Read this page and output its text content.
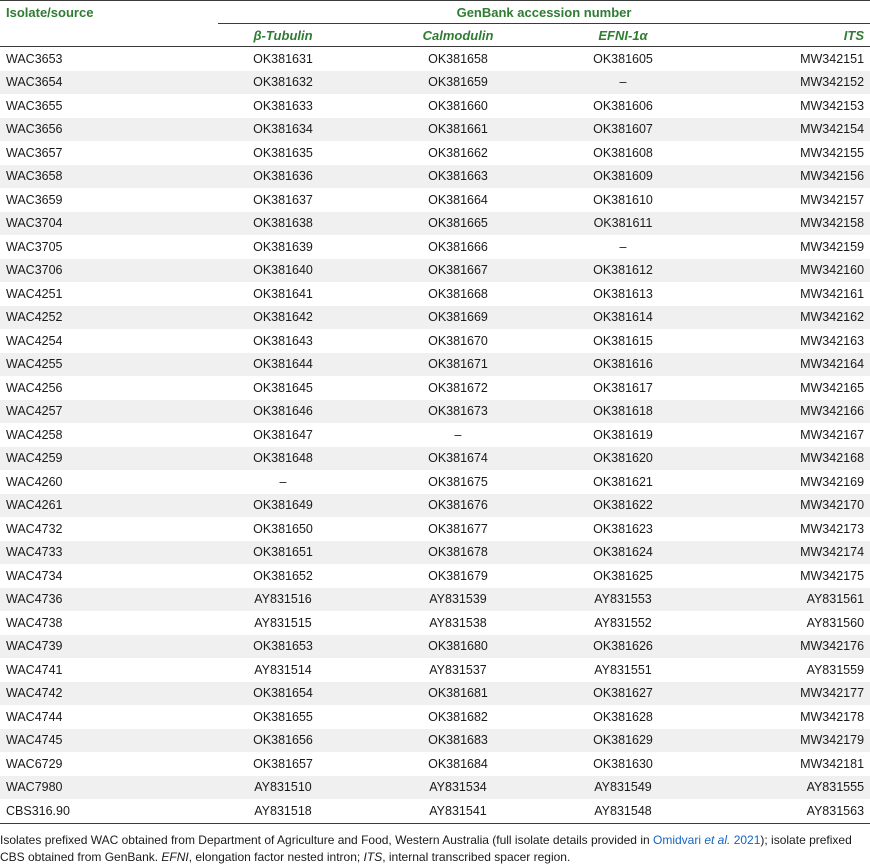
Isolate/source	GenBank accession number			
	β-Tubulin	Calmodulin	EFNI-1α	ITS
WAC3653	OK381631	OK381658	OK381605	MW342151
WAC3654	OK381632	OK381659	–	MW342152
WAC3655	OK381633	OK381660	OK381606	MW342153
WAC3656	OK381634	OK381661	OK381607	MW342154
WAC3657	OK381635	OK381662	OK381608	MW342155
WAC3658	OK381636	OK381663	OK381609	MW342156
WAC3659	OK381637	OK381664	OK381610	MW342157
WAC3704	OK381638	OK381665	OK381611	MW342158
WAC3705	OK381639	OK381666	–	MW342159
WAC3706	OK381640	OK381667	OK381612	MW342160
WAC4251	OK381641	OK381668	OK381613	MW342161
WAC4252	OK381642	OK381669	OK381614	MW342162
WAC4254	OK381643	OK381670	OK381615	MW342163
WAC4255	OK381644	OK381671	OK381616	MW342164
WAC4256	OK381645	OK381672	OK381617	MW342165
WAC4257	OK381646	OK381673	OK381618	MW342166
WAC4258	OK381647	–	OK381619	MW342167
WAC4259	OK381648	OK381674	OK381620	MW342168
WAC4260	–	OK381675	OK381621	MW342169
WAC4261	OK381649	OK381676	OK381622	MW342170
WAC4732	OK381650	OK381677	OK381623	MW342173
WAC4733	OK381651	OK381678	OK381624	MW342174
WAC4734	OK381652	OK381679	OK381625	MW342175
WAC4736	AY831516	AY831539	AY831553	AY831561
WAC4738	AY831515	AY831538	AY831552	AY831560
WAC4739	OK381653	OK381680	OK381626	MW342176
WAC4741	AY831514	AY831537	AY831551	AY831559
WAC4742	OK381654	OK381681	OK381627	MW342177
WAC4744	OK381655	OK381682	OK381628	MW342178
WAC4745	OK381656	OK381683	OK381629	MW342179
WAC6729	OK381657	OK381684	OK381630	MW342181
WAC7980	AY831510	AY831534	AY831549	AY831555
CBS316.90	AY831518	AY831541	AY831548	AY831563
Isolates prefixed WAC obtained from Department of Agriculture and Food, Western Australia (full isolate details provided in Omidvari et al. 2021); isolate prefixed CBS obtained from GenBank. EFNI, elongation factor nested intron; ITS, internal transcribed spacer region.
